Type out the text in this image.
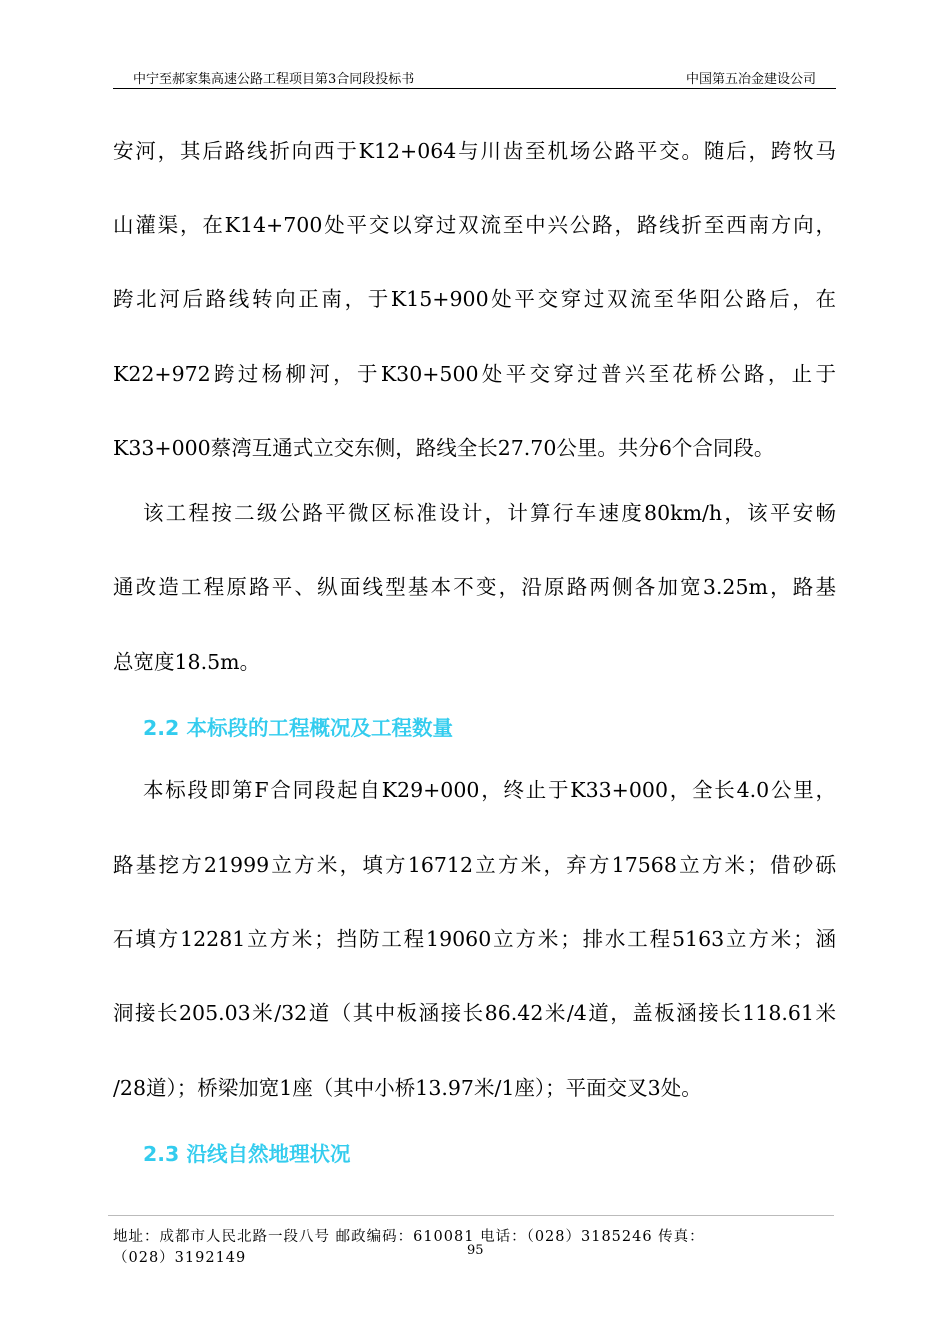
中宁至郝家集高速公路工程项目第3合同段投标书	中国第五冶金建设公司
安河，其后路线折向西于K12+064与川齿至机场公路平交。随后，跨牧马
山灌渠，在K14+700处平交以穿过双流至中兴公路，路线折至西南方向，
跨北河后路线转向正南，于K15+900处平交穿过双流至华阳公路后，在
K22+972跨过杨柳河，于K30+500处平交穿过普兴至花桥公路，止于
K33+000蔡湾互通式立交东侧，路线全长27.70公里。共分6个合同段。
该工程按二级公路平微区标准设计，计算行车速度80km/h，该平安畅
通改造工程原路平、纵面线型基本不变，沿原路两侧各加宽3.25m，路基
总宽度18.5m。
2.2 本标段的工程概况及工程数量
本标段即第F合同段起自K29+000，终止于K33+000，全长4.0公里，
路基挖方21999立方米，填方16712立方米，弃方17568立方米；借砂砾
石填方12281立方米；挡防工程19060立方米；排水工程5163立方米；涵
洞接长205.03米/32道（其中板涵接长86.42米/4道，盖板涵接长118.61米
/28道）；桥梁加宽1座（其中小桥13.97米/1座）；平面交叉3处。
2.3 沿线自然地理状况
地址：成都市人民北路一段八号 邮政编码：610081 电话：（028）3185246 传真：
（028）3192149	95
